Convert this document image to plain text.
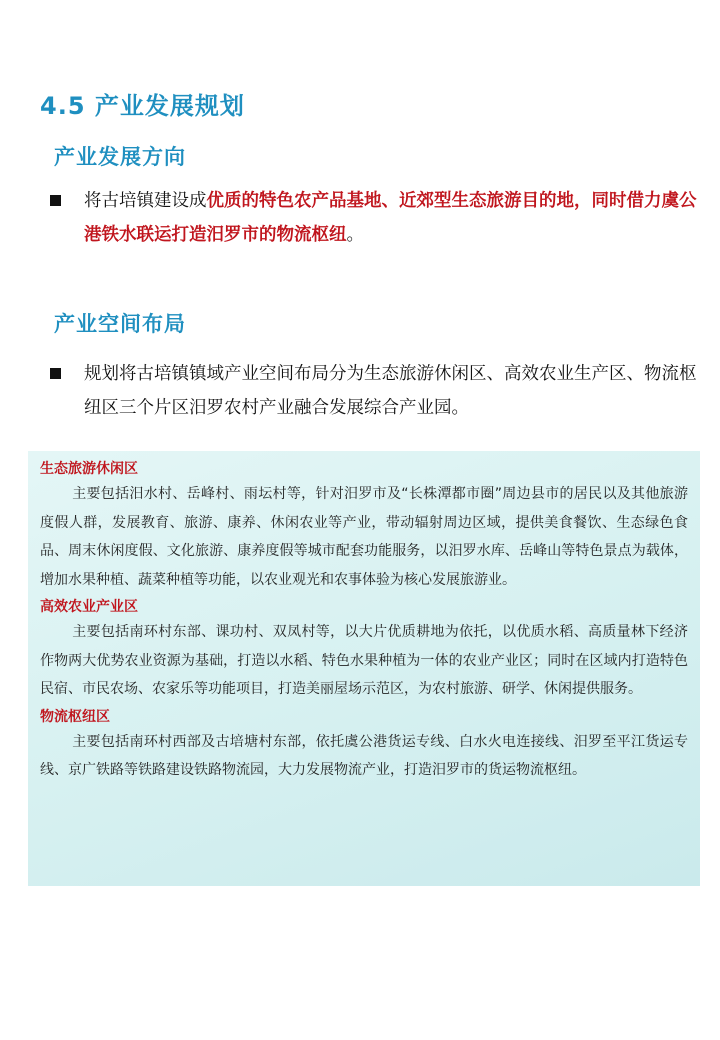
4.5 产业发展规划
产业发展方向
将古培镇建设成优质的特色农产品基地、近郊型生态旅游目的地，同时借力虞公港铁水联运打造汨罗市的物流枢纽。
产业空间布局
规划将古培镇镇域产业空间布局分为生态旅游休闲区、高效农业生产区、物流枢纽区三个片区汨罗农村产业融合发展综合产业园。

生态旅游休闲区

主要包括汨水村、岳峰村、雨坛村等，针对汨罗市及“长株潭都市圈”周边县市的居民以及其他旅游度假人群，发展教育、旅游、康养、休闲农业等产业，带动辐射周边区域，提供美食餐饮、生态绿色食品、周末休闲度假、文化旅游、康养度假等城市配套功能服务，以汨罗水库、岳峰山等特色景点为载体，增加水果种植、蔬菜种植等功能，以农业观光和农事体验为核心发展旅游业。

高效农业产业区

主要包括南环村东部、课功村、双凤村等，以大片优质耕地为依托，以优质水稻、高质量林下经济作物两大优势农业资源为基础，打造以水稻、特色水果种植为一体的农业产业区；同时在区域内打造特色民宿、市民农场、农家乐等功能项目，打造美丽屋场示范区，为农村旅游、研学、休闲提供服务。

物流枢纽区

主要包括南环村西部及古培塘村东部，依托虞公港货运专线、白水火电连接线、汨罗至平江货运专线、京广铁路等铁路建设铁路物流园，大力发展物流产业，打造汨罗市的货运物流枢纽。
